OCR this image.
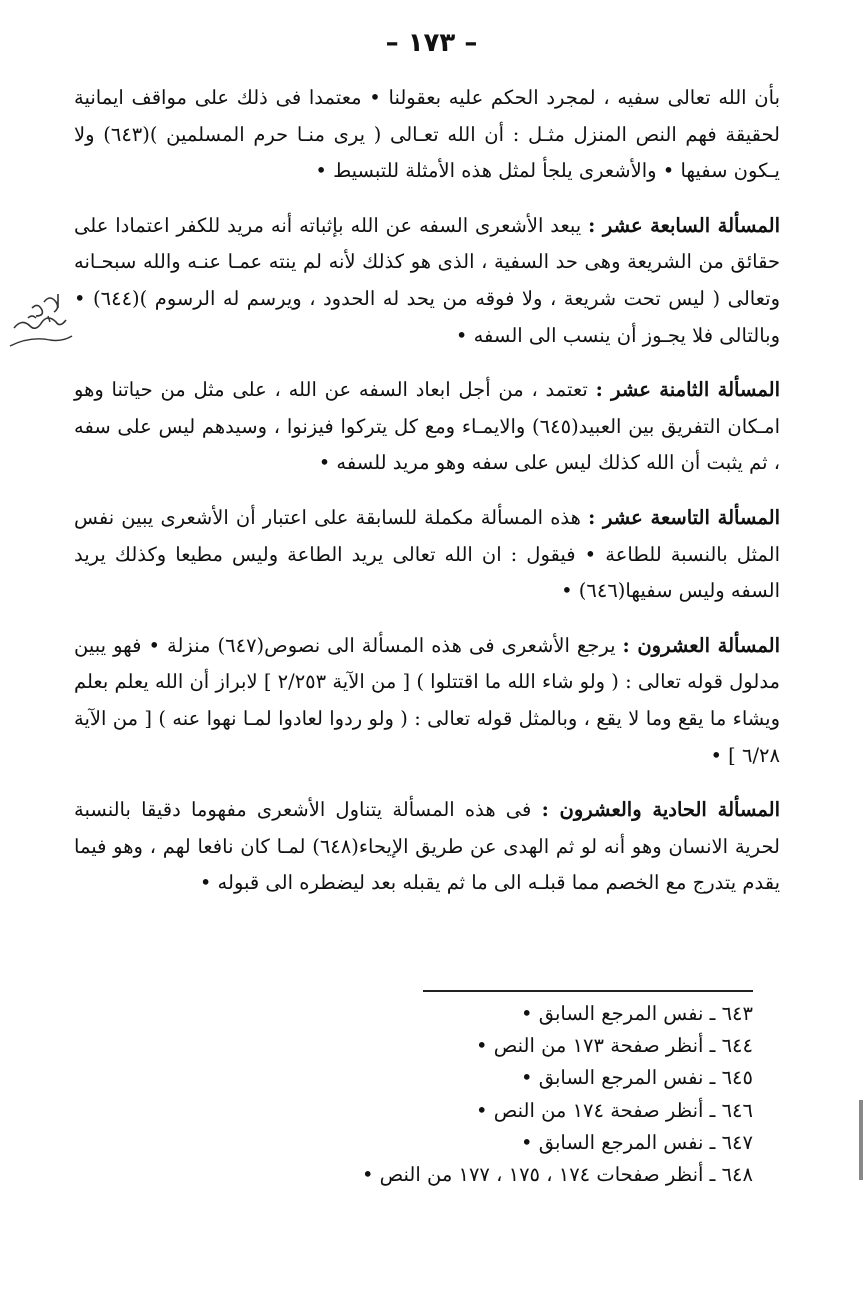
– ١٧٣ –

بأن الله تعالى سفيه ، لمجرد الحكم عليه بعقولنا • معتمدا فى ذلك على مواقف ايمانية لحقيقة فهم النص المنزل مثـل : أن الله تعـالى ( يرى منـا حرم المسلمين )(٦٤٣) ولا يـكون سفيها • والأشعرى يلجأ لمثل هذه الأمثلة للتبسيط •

المسألة السابعة عشر : يبعد الأشعرى السفه عن الله بإثباته أنه مريد للكفر اعتمادا على حقائق من الشريعة وهى حد السفية ، الذى هو كذلك لأنه لم ينته عمـا عنـه والله سبحـانه وتعالى ( ليس تحت شريعة ، ولا فوقه من يحد له الحدود ، ويرسم له الرسوم )(٦٤٤) • وبالتالى فلا يجـوز أن ينسب الى السفه •

المسألة الثامنة عشر : تعتمد ، من أجل ابعاد السفه عن الله ، على مثل من حياتنا وهو امـكان التفريق بين العبيد(٦٤٥) والايمـاء ومع كل يتركوا فيزنوا ، وسيدهم ليس على سفه ، ثم يثبت أن الله كذلك ليس على سفه وهو مريد للسفه •

المسألة التاسعة عشر : هذه المسألة مكملة للسابقة على اعتبار أن الأشعرى يبين نفس المثل بالنسبة للطاعة • فيقول : ان الله تعالى يريد الطاعة وليس مطيعا وكذلك يريد السفه وليس سفيها(٦٤٦) •

المسألة العشرون : يرجع الأشعرى فى هذه المسألة الى نصوص(٦٤٧) منزلة • فهو يبين مدلول قوله تعالى : ( ولو شاء الله ما اقتتلوا ) [ من الآية ٢/٢٥٣ ] لابراز أن الله يعلم بعلم ويشاء ما يقع وما لا يقع ، وبالمثل قوله تعالى : ( ولو ردوا لعادوا لمـا نهوا عنه ) [ من الآية ٦/٢٨ ] •

المسألة الحادية والعشرون : فى هذه المسألة يتناول الأشعرى مفهوما دقيقا بالنسبة لحرية الانسان وهو أنه لو ثم الهدى عن طريق الإيحاء(٦٤٨) لمـا كان نافعا لهم ، وهو فيما يقدم يتدرج مع الخصم مما قبلـه الى ما ثم يقبله بعد ليضطره الى قبوله •

٦٤٣ ـ نفس المرجع السابق •

٦٤٤ ـ أنظر صفحة ١٧٣ من النص •

٦٤٥ ـ نفس المرجع السابق •

٦٤٦ ـ أنظر صفحة ١٧٤ من النص •

٦٤٧ ـ نفس المرجع السابق •

٦٤٨ ـ أنظر صفحات ١٧٤ ، ١٧٥ ، ١٧٧ من النص •
